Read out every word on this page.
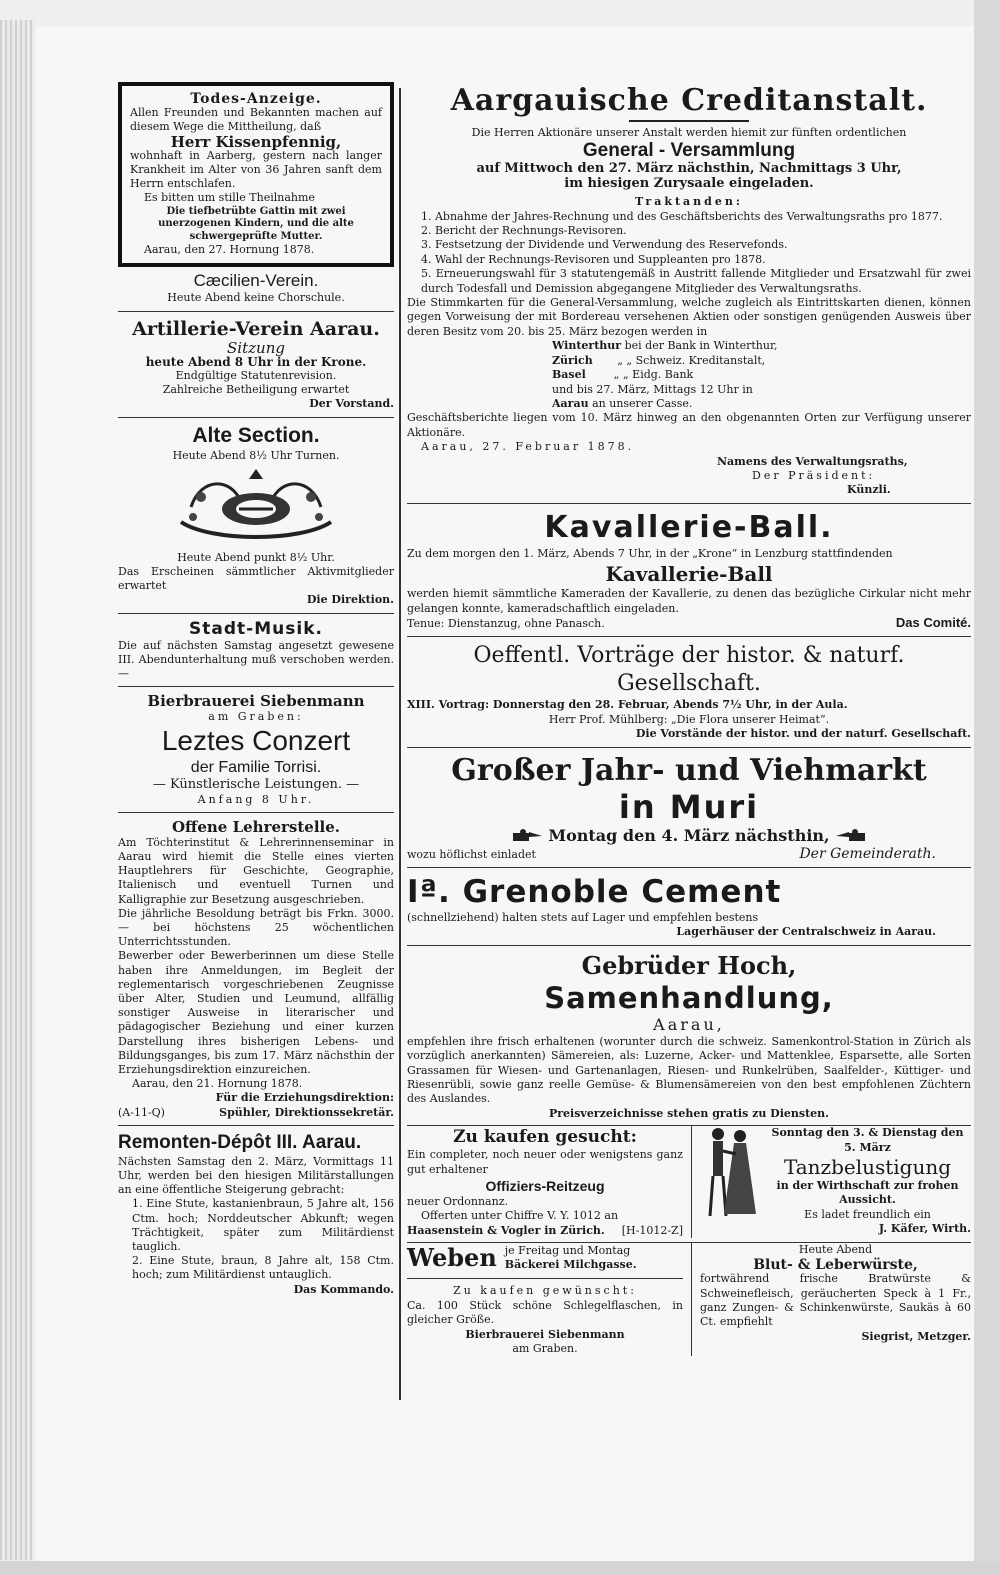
Todes-Anzeige.
Allen Freunden und Bekannten machen auf diesem Wege die Mittheilung, daß
Herr Kissenpfennig,
wohnhaft in Aarberg, gestern nach langer Krankheit im Alter von 36 Jahren sanft dem Herrn entschlafen.
Es bitten um stille Theilnahme
Die tiefbetrübte Gattin mit zwei unerzogenen Kindern, und die alte schwergeprüfte Mutter.
Aarau, den 27. Hornung 1878.
Cæcilien-Verein.
Heute Abend keine Chorschule.
Artillerie-Verein Aarau.
Sitzung
heute Abend 8 Uhr in der Krone.
Endgültige Statutenrevision.
Zahlreiche Betheiligung erwartet
Der Vorstand.
Alte Section.
Heute Abend 8½ Uhr Turnen.
Heute Abend punkt 8½ Uhr.
Das Erscheinen sämmtlicher Aktivmitglieder erwartet
Die Direktion.
Stadt-Musik.
Die auf nächsten Samstag angesetzt gewesene III. Abendunterhaltung muß verschoben werden. —
Bierbrauerei Siebenmann
am Graben:
Leztes Conzert
der Familie Torrisi.
— Künstlerische Leistungen. —
Anfang 8 Uhr.
Offene Lehrerstelle.
Am Töchterinstitut & Lehrerinnenseminar in Aarau wird hiemit die Stelle eines vierten Hauptlehrers für Geschichte, Geographie, Italienisch und eventuell Turnen und Kalligraphie zur Besetzung ausgeschrieben.
Die jährliche Besoldung beträgt bis Frkn. 3000. — bei höchstens 25 wöchentlichen Unterrichtsstunden.
Bewerber oder Bewerberinnen um diese Stelle haben ihre Anmeldungen, im Begleit der reglementarisch vorgeschriebenen Zeugnisse über Alter, Studien und Leumund, allfällig sonstiger Ausweise in literarischer und pädagogischer Beziehung und einer kurzen Darstellung ihres bisherigen Lebens- und Bildungsganges, bis zum 17. März nächsthin der Erziehungsdirektion einzureichen.
Aarau, den 21. Hornung 1878.
Für die Erziehungsdirektion:
(A-11-Q)	Spühler, Direktionssekretär.
Remonten-Dépôt III. Aarau.
Nächsten Samstag den 2. März, Vormittags 11 Uhr, werden bei den hiesigen Militärstallungen an eine öffentliche Steigerung gebracht:
1. Eine Stute, kastanienbraun, 5 Jahre alt, 156 Ctm. hoch; Norddeutscher Abkunft; wegen Trächtigkeit, später zum Militärdienst tauglich.
2. Eine Stute, braun, 8 Jahre alt, 158 Ctm. hoch; zum Militärdienst untauglich.
Das Kommando.
Aargauische Creditanstalt.
Die Herren Aktionäre unserer Anstalt werden hiemit zur fünften ordentlichen
General - Versammlung
auf Mittwoch den 27. März nächsthin, Nachmittags 3 Uhr,
im hiesigen Zurysaale eingeladen.
Traktanden:
1. Abnahme der Jahres-Rechnung und des Geschäftsberichts des Verwaltungsraths pro 1877.
2. Bericht der Rechnungs-Revisoren.
3. Festsetzung der Dividende und Verwendung des Reservefonds.
4. Wahl der Rechnungs-Revisoren und Suppleanten pro 1878.
5. Erneuerungswahl für 3 statutengemäß in Austritt fallende Mitglieder und Ersatzwahl für zwei durch Todesfall und Demission abgegangene Mitglieder des Verwaltungsraths.
Die Stimmkarten für die General-Versammlung, welche zugleich als Eintrittskarten dienen, können gegen Vorweisung der mit Bordereau versehenen Aktien oder sonstigen genügenden Ausweis über deren Besitz vom 20. bis 25. März bezogen werden in
Winterthur bei der Bank in Winterthur,
Zürich „ „ Schweiz. Kreditanstalt,
Basel	„ „ Eidg. Bank
und bis 27. März, Mittags 12 Uhr in
Aarau an unserer Casse.
Geschäftsberichte liegen vom 10. März hinweg an den obgenannten Orten zur Verfügung unserer Aktionäre.
Aarau, 27. Februar 1878.
Namens des Verwaltungsraths,
Der Präsident:
Künzli.
Kavallerie-Ball.
Zu dem morgen den 1. März, Abends 7 Uhr, in der „Krone“ in Lenzburg stattfindenden
Kavallerie-Ball
werden hiemit sämmtliche Kameraden der Kavallerie, zu denen das bezügliche Cirkular nicht mehr gelangen konnte, kameradschaftlich eingeladen.
Tenue: Dienstanzug, ohne Panasch.	Das Comité.
Oeffentl. Vorträge der histor. & naturf. Gesellschaft.
XIII. Vortrag: Donnerstag den 28. Februar, Abends 7½ Uhr, in der Aula.
Herr Prof. Mühlberg: „Die Flora unserer Heimat“.
Die Vorstände der histor. und der naturf. Gesellschaft.
Großer Jahr- und Viehmarkt
in Muri
Montag den 4. März nächsthin,
wozu höflichst einladet	Der Gemeinderath.
Iª. Grenoble Cement
(schnellziehend) halten stets auf Lager und empfehlen bestens
Lagerhäuser der Centralschweiz in Aarau.
Gebrüder Hoch,
Samenhandlung,
Aarau,
empfehlen ihre frisch erhaltenen (worunter durch die schweiz. Samenkontrol-Station in Zürich als vorzüglich anerkannten) Sämereien, als: Luzerne, Acker- und Mattenklee, Esparsette, alle Sorten Grassamen für Wiesen- und Gartenanlagen, Riesen- und Runkelrüben, Saalfelder-, Küttiger- und Riesenrübli, sowie ganz reelle Gemüse- & Blumensämereien von den best empfohlenen Züchtern des Auslandes.
Preisverzeichnisse stehen gratis zu Diensten.
Zu kaufen gesucht:
Ein completer, noch neuer oder wenigstens ganz gut erhaltener
Offiziers-Reitzeug
neuer Ordonnanz.
Offerten unter Chiffre V. Y. 1012 an
Haasenstein & Vogler in Zürich. [H-1012-Z]
Sonntag den 3. & Dienstag den 5. März
Tanzbelustigung
in der Wirthschaft zur frohen Aussicht.
Es ladet freundlich ein
J. Käfer, Wirth.
Weben je Freitag und Montag
Bäckerei Milchgasse.
Zu kaufen gewünscht:
Ca. 100 Stück schöne Schlegelflaschen, in gleicher Größe.
Bierbrauerei Siebenmann
am Graben.
Heute Abend
Blut- & Leberwürste,
fortwährend frische Bratwürste & Schweinefleisch, geräucherten Speck à 1 Fr., ganz Zungen- & Schinkenwürste, Saukäs à 60 Ct. empfiehlt
Siegrist, Metzger.
